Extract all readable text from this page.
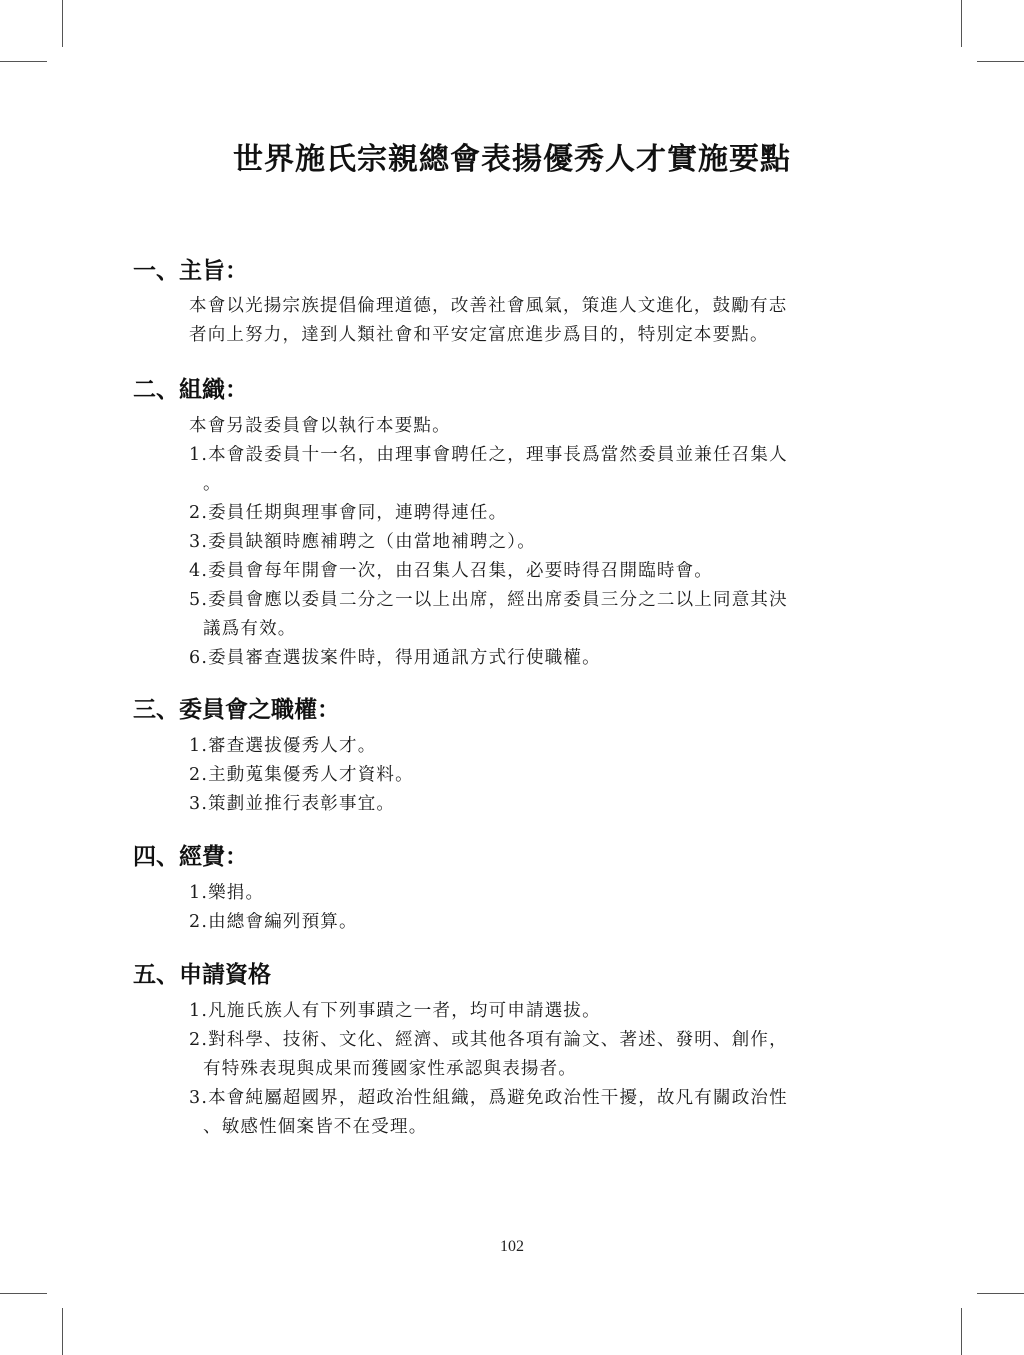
世界施氏宗親總會表揚優秀人才實施要點
一、主旨：
本會以光揚宗族提倡倫理道德，改善社會風氣，策進人文進化，鼓勵有志
者向上努力，達到人類社會和平安定富庶進步爲目的，特別定本要點。
二、組織：
本會另設委員會以執行本要點。
1.本會設委員十一名，由理事會聘任之，理事長爲當然委員並兼任召集人
。
2.委員任期與理事會同，連聘得連任。
3.委員缺額時應補聘之（由當地補聘之）。
4.委員會每年開會一次，由召集人召集，必要時得召開臨時會。
5.委員會應以委員二分之一以上出席，經出席委員三分之二以上同意其決
議爲有效。
6.委員審查選拔案件時，得用通訊方式行使職權。
三、委員會之職權：
1.審查選拔優秀人才。
2.主動蒐集優秀人才資料。
3.策劃並推行表彰事宜。
四、經費：
1.樂捐。
2.由總會編列預算。
五、申請資格
1.凡施氏族人有下列事蹟之一者，均可申請選拔。
2.對科學、技術、文化、經濟、或其他各項有論文、著述、發明、創作，
有特殊表現與成果而獲國家性承認與表揚者。
3.本會純屬超國界，超政治性組織，爲避免政治性干擾，故凡有關政治性
、敏感性個案皆不在受理。
102
